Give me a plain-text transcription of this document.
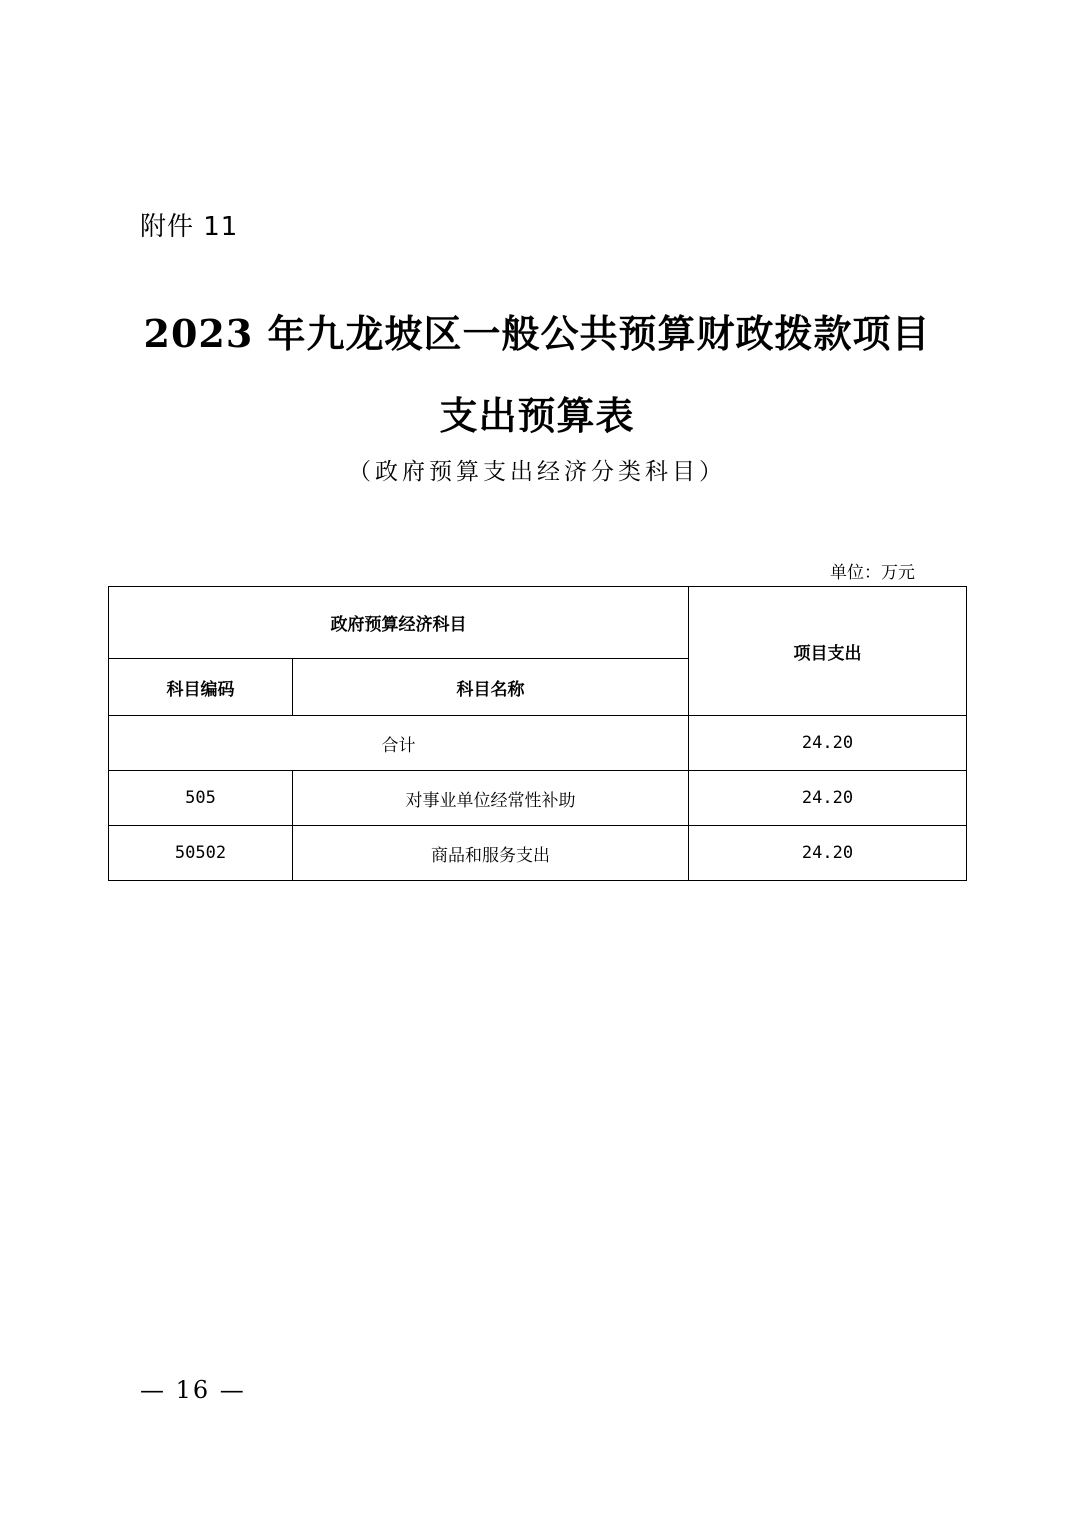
附件 11
2023 年九龙坡区一般公共预算财政拨款项目
支出预算表
（政府预算支出经济分类科目）
单位：万元
政府预算经济科目		项目支出
科目编码	科目名称	
合计		24.20
505	对事业单位经常性补助	24.20
50502	商品和服务支出	24.20
— 16 —
